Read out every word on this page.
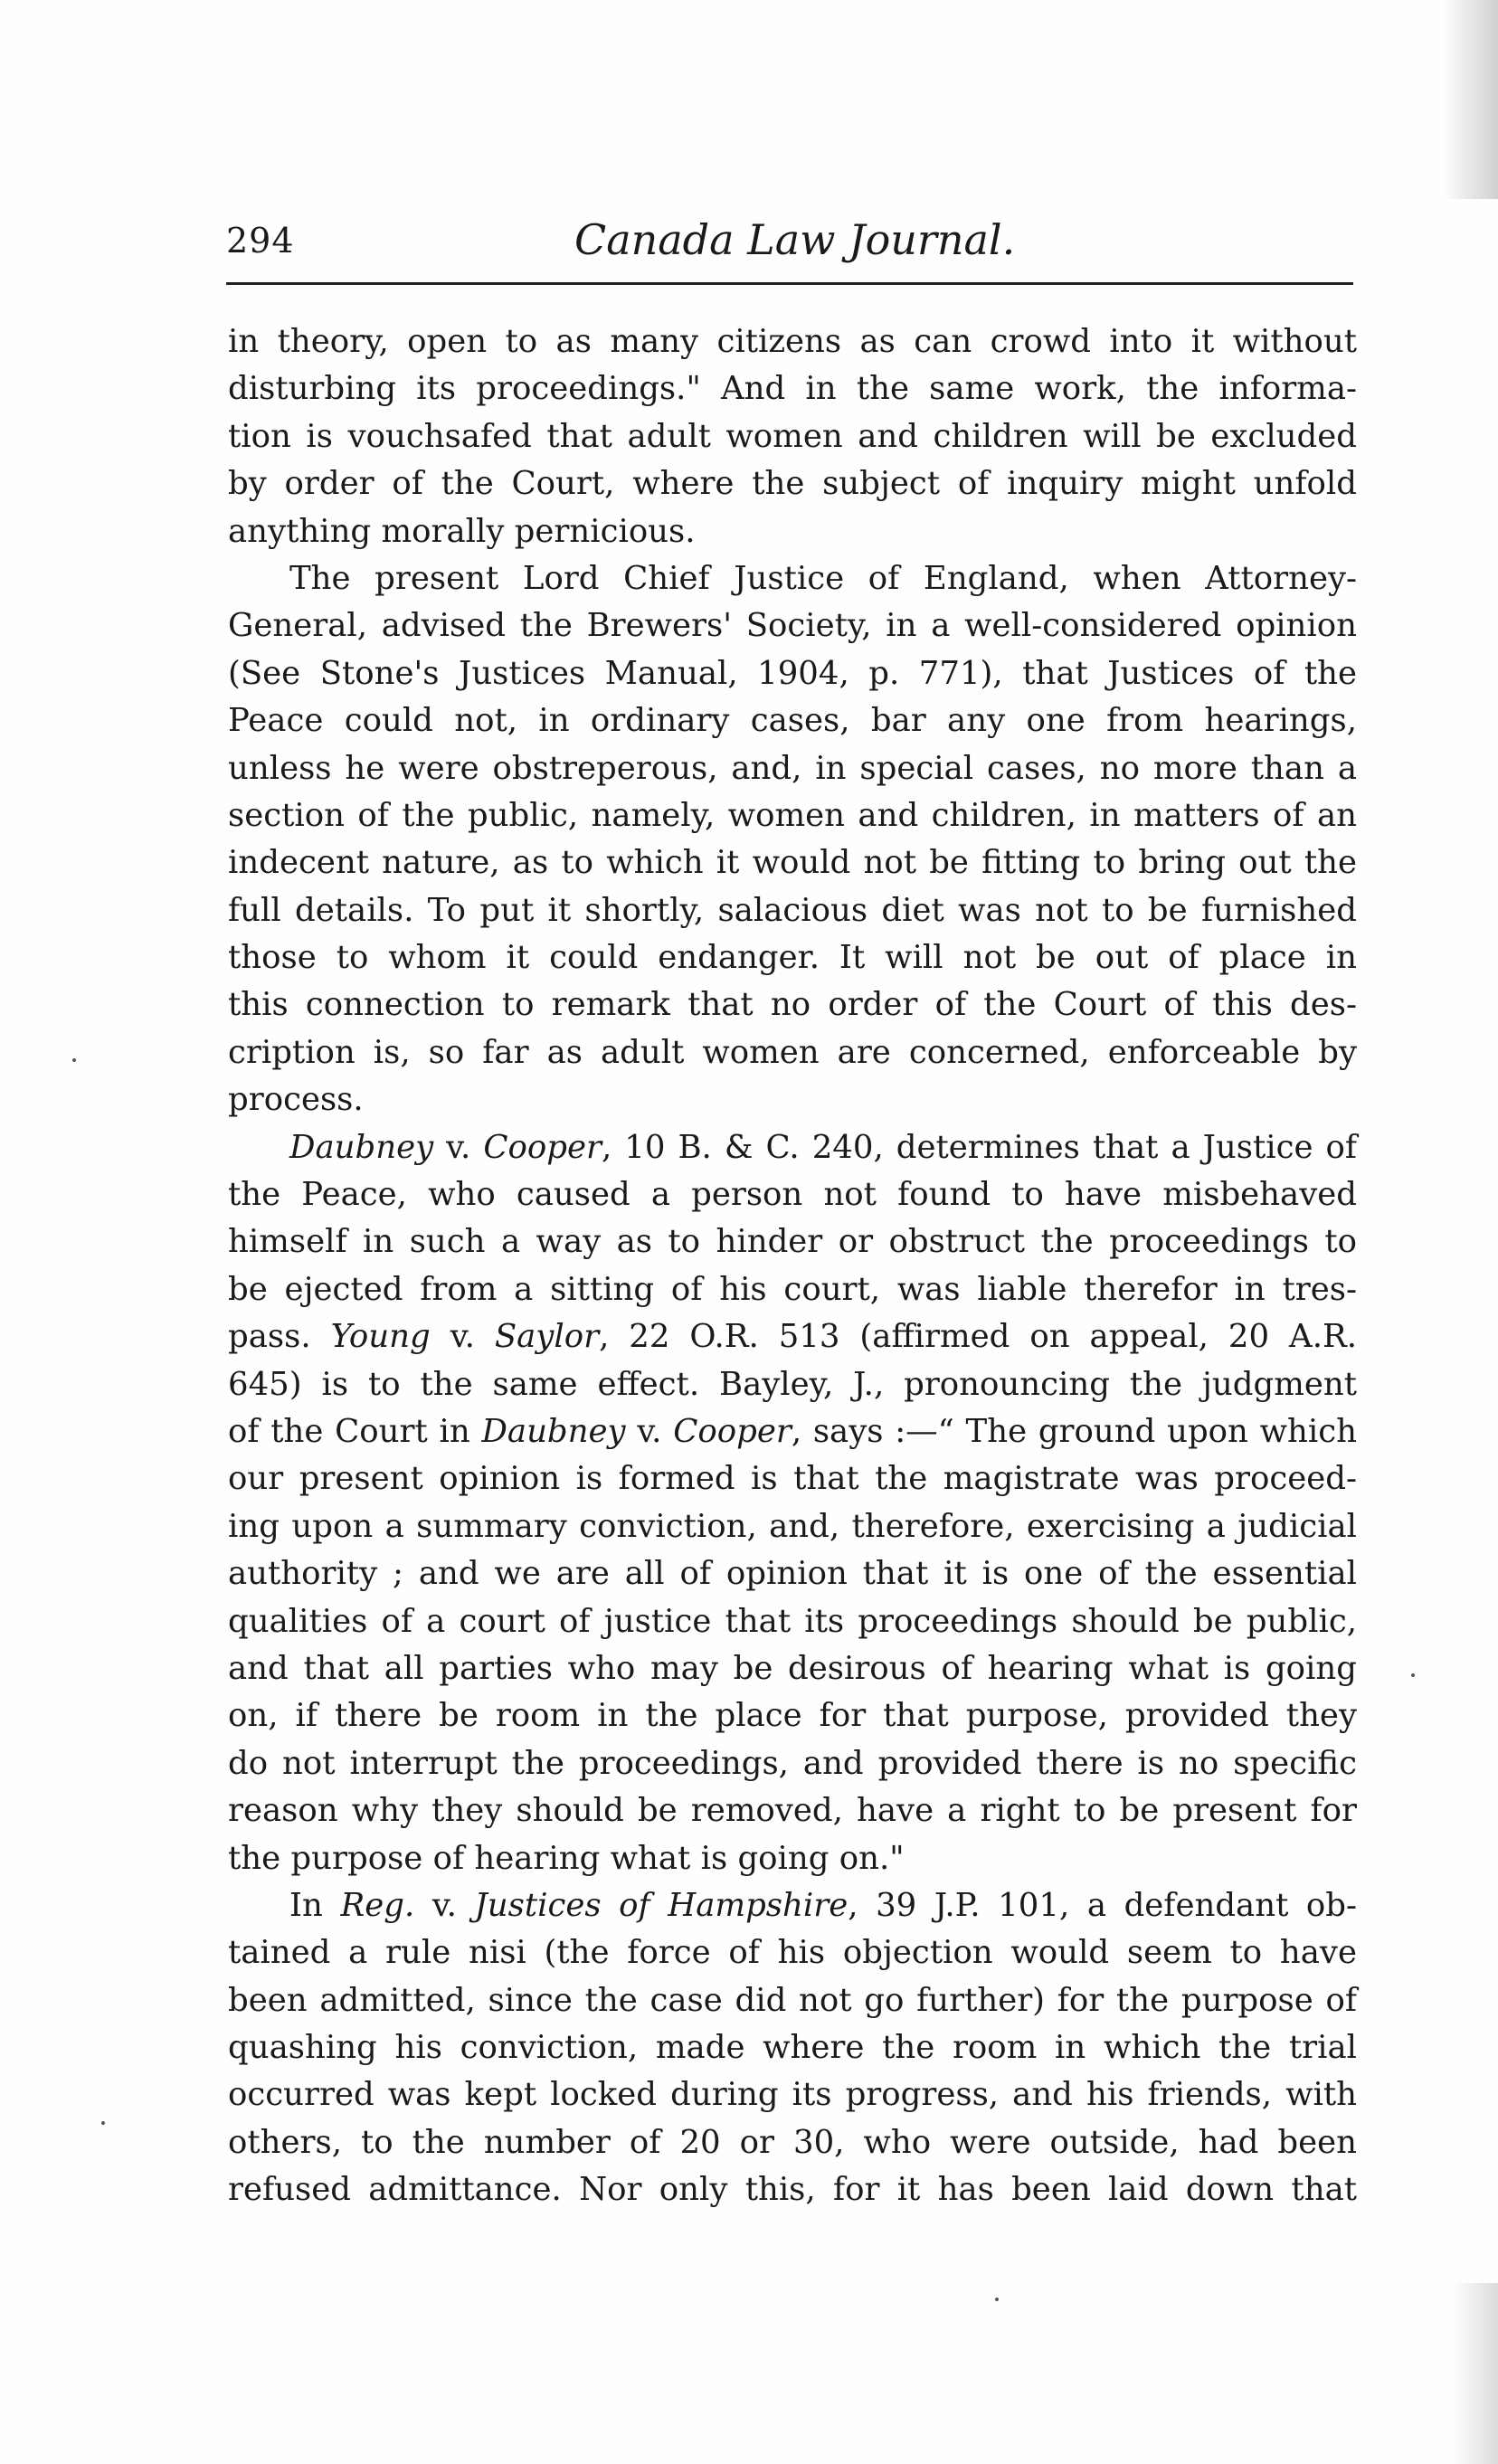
294	Canada Law Journal.
in theory, open to as many citizens as can crowd into it without
disturbing its proceedings." And in the same work, the informa-
tion is vouchsafed that adult women and children will be excluded
by order of the Court, where the subject of inquiry might unfold
anything morally pernicious.
The present Lord Chief Justice of England, when Attorney-
General, advised the Brewers' Society, in a well-considered opinion
(See Stone's Justices Manual, 1904, p. 771), that Justices of the
Peace could not, in ordinary cases, bar any one from hearings,
unless he were obstreperous, and, in special cases, no more than a
section of the public, namely, women and children, in matters of an
indecent nature, as to which it would not be fitting to bring out the
full details. To put it shortly, salacious diet was not to be furnished
those to whom it could endanger. It will not be out of place in
this connection to remark that no order of the Court of this des-
cription is, so far as adult women are concerned, enforceable by
process.
Daubney v. Cooper, 10 B. & C. 240, determines that a Justice of
the Peace, who caused a person not found to have misbehaved
himself in such a way as to hinder or obstruct the proceedings to
be ejected from a sitting of his court, was liable therefor in tres-
pass. Young v. Saylor, 22 O.R. 513 (affirmed on appeal, 20 A.R.
645) is to the same effect. Bayley, J., pronouncing the judgment
of the Court in Daubney v. Cooper, says :—“ The ground upon which
our present opinion is formed is that the magistrate was proceed-
ing upon a summary conviction, and, therefore, exercising a judicial
authority ; and we are all of opinion that it is one of the essential
qualities of a court of justice that its proceedings should be public,
and that all parties who may be desirous of hearing what is going
on, if there be room in the place for that purpose, provided they
do not interrupt the proceedings, and provided there is no specific
reason why they should be removed, have a right to be present for
the purpose of hearing what is going on."
In Reg. v. Justices of Hampshire, 39 J.P. 101, a defendant ob-
tained a rule nisi (the force of his objection would seem to have
been admitted, since the case did not go further) for the purpose of
quashing his conviction, made where the room in which the trial
occurred was kept locked during its progress, and his friends, with
others, to the number of 20 or 30, who were outside, had been
refused admittance. Nor only this, for it has been laid down that
